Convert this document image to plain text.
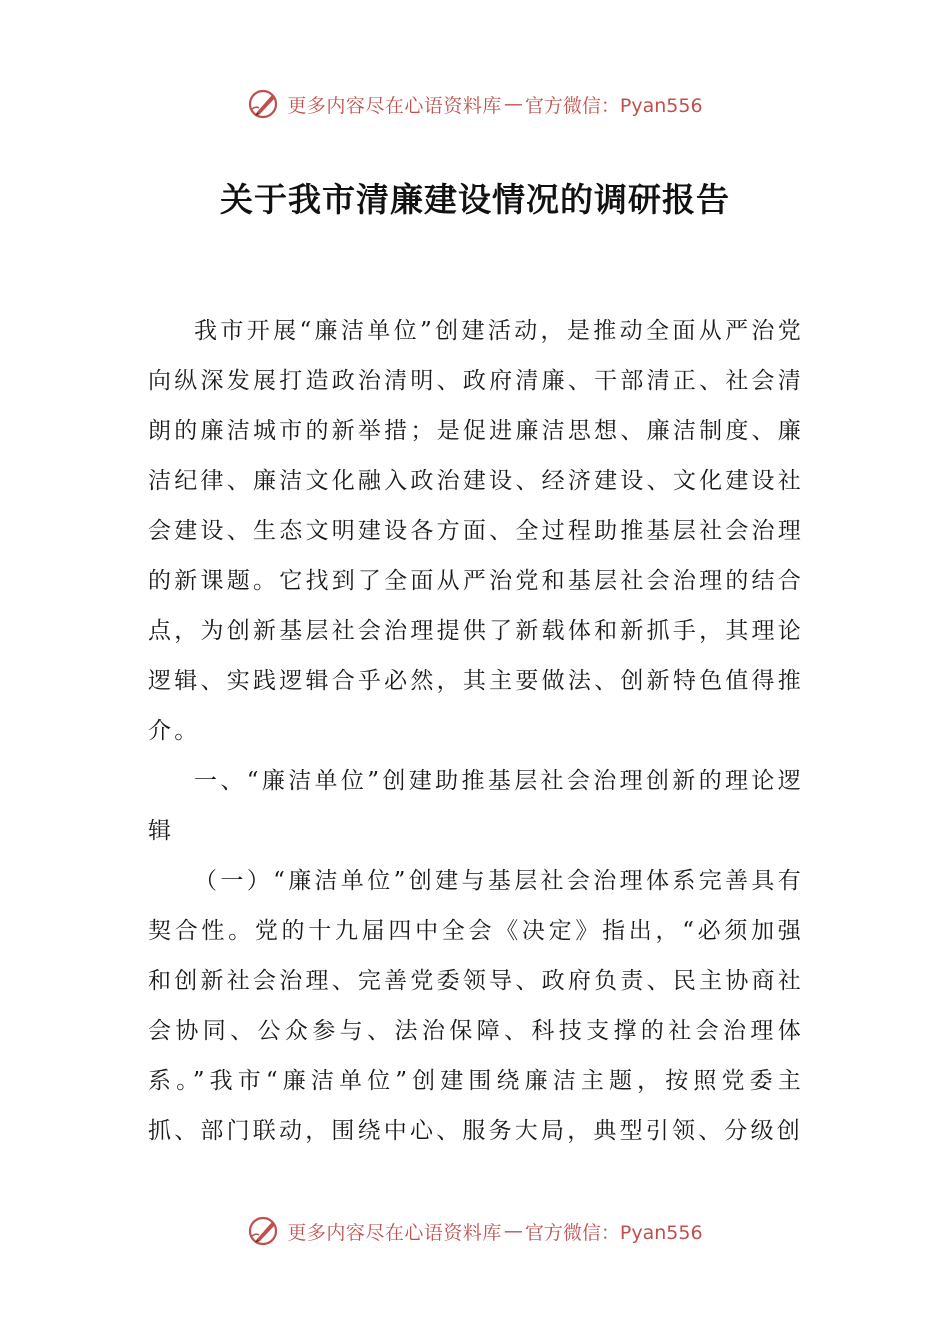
更多内容尽在心语资料库 — 官方微信：Pyan556
关于我市清廉建设情况的调研报告

我市开展“廉洁单位”创建活动，是推动全面从严治党向纵深发展打造政治清明、政府清廉、干部清正、社会清朗的廉洁城市的新举措；是促进廉洁思想、廉洁制度、廉洁纪律、廉洁文化融入政治建设、经济建设、文化建设社会建设、生态文明建设各方面、全过程助推基层社会治理的新课题。它找到了全面从严治党和基层社会治理的结合点，为创新基层社会治理提供了新载体和新抓手，其理论逻辑、实践逻辑合乎必然，其主要做法、创新特色值得推介。

一、“廉洁单位”创建助推基层社会治理创新的理论逻辑

（一）“廉洁单位”创建与基层社会治理体系完善具有契合性。党的十九届四中全会《决定》指出，“必须加强和创新社会治理、完善党委领导、政府负责、民主协商社会协同、公众参与、法治保障、科技支撑的社会治理体系。”我市“廉洁单位”创建围绕廉洁主题，按照党委主抓、部门联动，围绕中心、服务大局，典型引领、分级创

更多内容尽在心语资料库 — 官方微信：Pyan556
